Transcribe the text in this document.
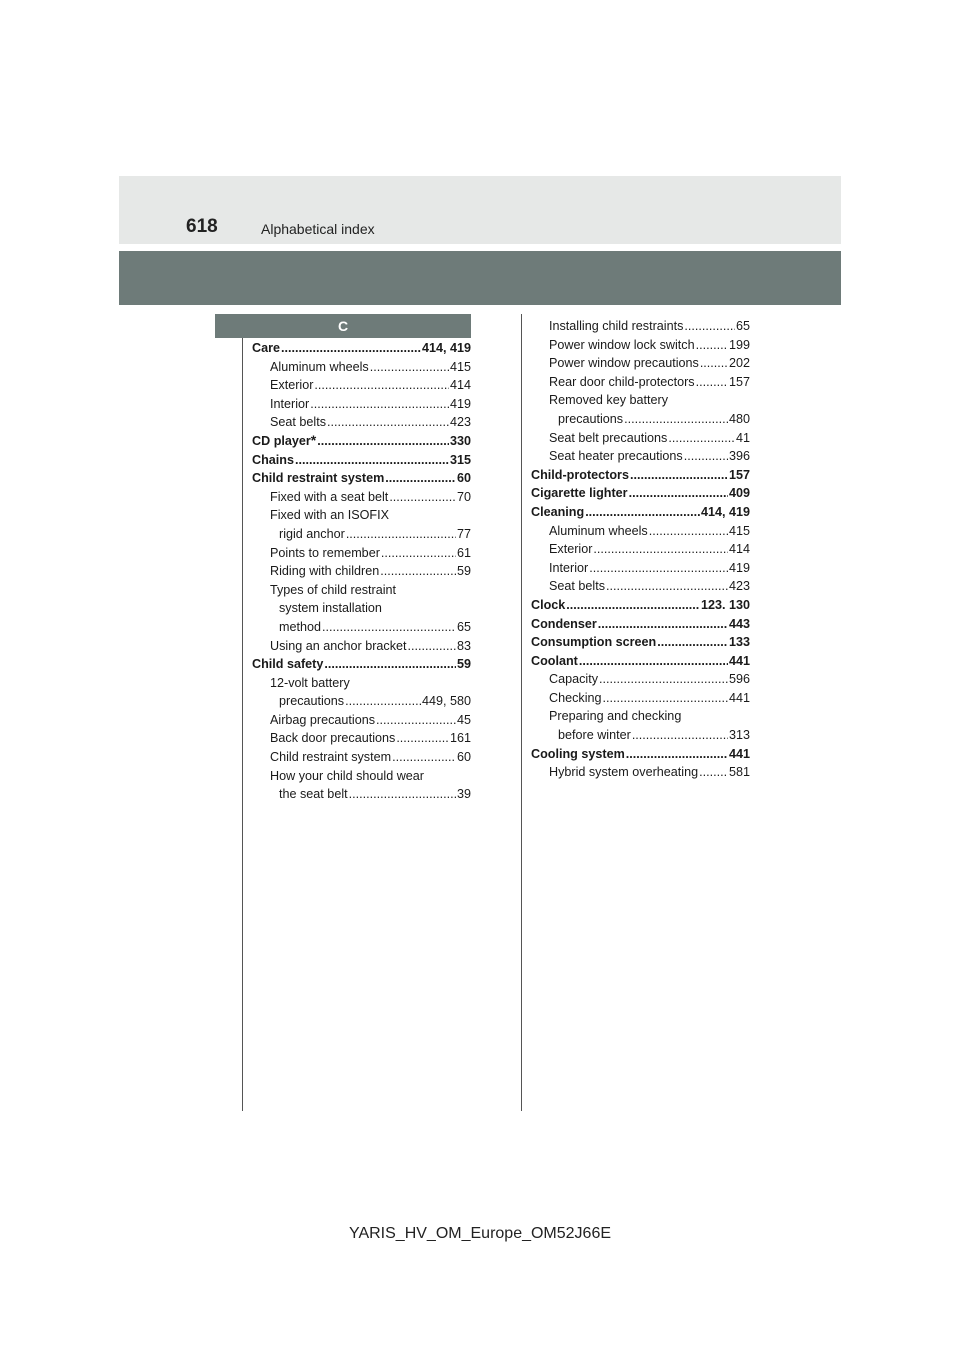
618	Alphabetical index
C
Care .....	414, 419
Aluminum wheels .....	415
Exterior .....	414
Interior .....	419
Seat belts .....	423
CD player * .....	330
Chains .....	315
Child restraint system .....	60
Fixed with a seat belt .....	70
Fixed with an ISOFIX
rigid anchor .....	77
Points to remember .....	61
Riding with children .....	59
Types of child restraint
system installation
method .....	65
Using an anchor bracket .....	83
Child safety .....	59
12-volt battery
precautions .....	449, 580
Airbag precautions .....	45
Back door precautions .....	161
Child restraint system .....	60
How your child should wear
the seat belt .....	39
Installing child restraints .....	65
Power window lock switch .....	199
Power window precautions ..... 202
Rear door child-protectors .....	157
Removed key battery
precautions .....	480
Seat belt precautions .....	41
Seat heater precautions .....	396
Child-protectors .....	157
Cigarette lighter .....	409
Cleaning .....	414, 419
Aluminum wheels .....	415
Exterior .....	414
Interior .....	419
Seat belts .....	423
Clock .....	123. 130
Condenser .....	443
Consumption screen .....	133
Coolant .....	441
Capacity .....	596
Checking .....	441
Preparing and checking
before winter .....	313
Cooling system .....	441
Hybrid system overheating ..... 581
YARIS_HV_OM_Europe_OM52J66E
